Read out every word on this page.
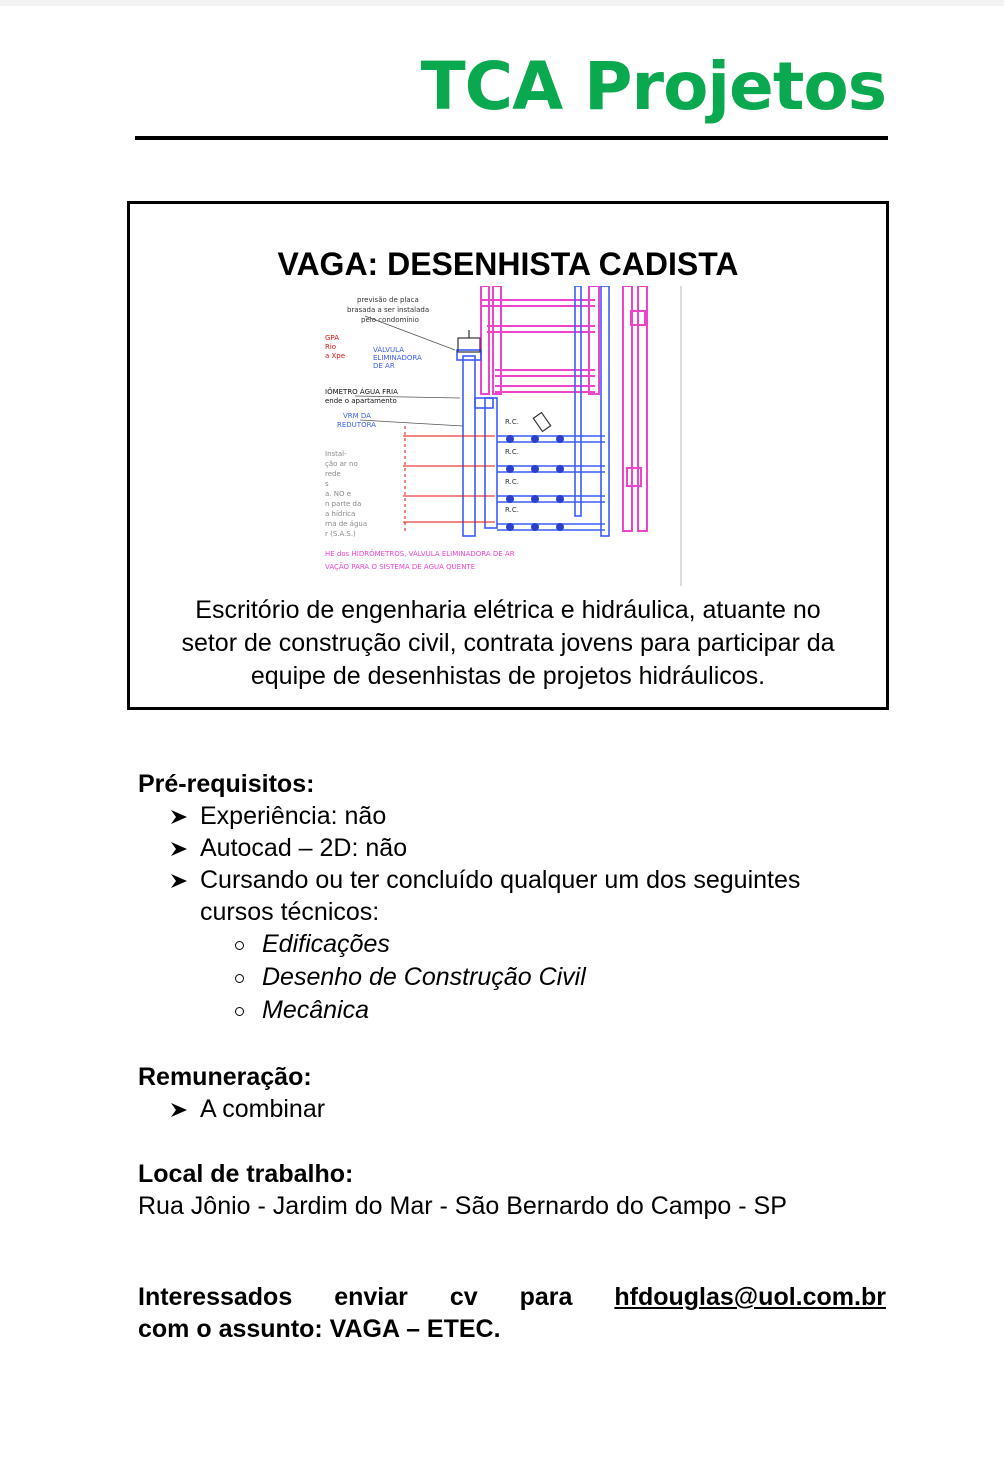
TCA Projetos
VAGA: DESENHISTA CADISTA
previsão de placa
brasada a ser instalada
pelo condomínio
GPA
Rio
a Xpe
VÁLVULA
ELIMINADORA
DE AR
IÔMETRO ÁGUA FRIA
ende o apartamento
VRM DA
REDUTORA
Instal-
ção ar no
rede
s
a. NO e
n parte da
a hídrica
rna de água
r (S.A.S.)
R.C.
R.C.
R.C.
R.C.
HE dos HIDRÔMETROS, VÁLVULA ELIMINADORA DE AR
VAÇÃO PARA O SISTEMA DE ÁGUA QUENTE

Escritório de engenharia elétrica e hidráulica, atuante no
setor de construção civil, contrata jovens para participar da
equipe de desenhistas de projetos hidráulicos.

Pré-requisitos:
Experiência: não
Autocad – 2D: não
Cursando ou ter concluído qualquer um dos seguintes
cursos técnicos:
Edificações
Desenho de Construção Civil
Mecânica
Remuneração:
A combinar
Local de trabalho:

Rua Jônio - Jardim do Mar - São Bernardo do Campo - SP

Interessados enviar cv para hfdouglas@uol.com.br
com o assunto: VAGA – ETEC.
